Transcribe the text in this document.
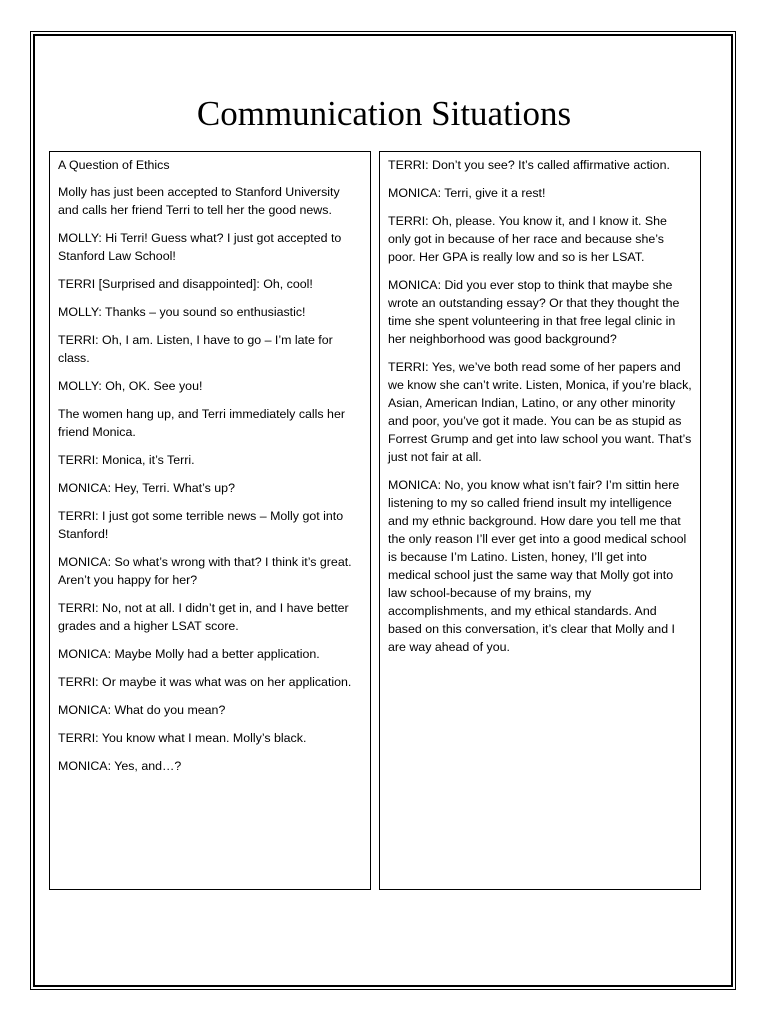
Communication Situations

A Question of Ethics

Molly has just been accepted to Stanford University and calls her friend Terri to tell her the good news.

MOLLY: Hi Terri! Guess what? I just got accepted to Stanford Law School!

TERRI [Surprised and disappointed]: Oh, cool!

MOLLY: Thanks – you sound so enthusiastic!

TERRI: Oh, I am. Listen, I have to go – I’m late for class.

MOLLY: Oh, OK. See you!

The women hang up, and Terri immediately calls her friend Monica.

TERRI: Monica, it’s Terri.

MONICA: Hey, Terri. What’s up?

TERRI: I just got some terrible news – Molly got into Stanford!

MONICA: So what’s wrong with that? I think it’s great. Aren’t you happy for her?

TERRI: No, not at all. I didn’t get in, and I have better grades and a higher LSAT score.

MONICA: Maybe Molly had a better application.

TERRI: Or maybe it was what was on her application.

MONICA: What do you mean?

TERRI: You know what I mean. Molly’s black.

MONICA: Yes, and…?

TERRI: Don’t you see? It’s called affirmative action.

MONICA: Terri, give it a rest!

TERRI: Oh, please. You know it, and I know it. She only got in because of her race and because she’s poor. Her GPA is really low and so is her LSAT.

MONICA: Did you ever stop to think that maybe she wrote an outstanding essay? Or that they thought the time she spent volunteering in that free legal clinic in her neighborhood was good background?

TERRI: Yes, we’ve both read some of her papers and we know she can’t write. Listen, Monica, if you’re black, Asian, American Indian, Latino, or any other minority and poor, you’ve got it made. You can be as stupid as Forrest Grump and get into law school you want. That’s just not fair at all.

MONICA: No, you know what isn’t fair? I’m sittin here listening to my so called friend insult my intelligence and my ethnic background. How dare you tell me that the only reason I’ll ever get into a good medical school is because I’m Latino. Listen, honey, I’ll get into medical school just the same way that Molly got into law school-because of my brains, my accomplishments, and my ethical standards. And based on this conversation, it’s clear that Molly and I are way ahead of you.
